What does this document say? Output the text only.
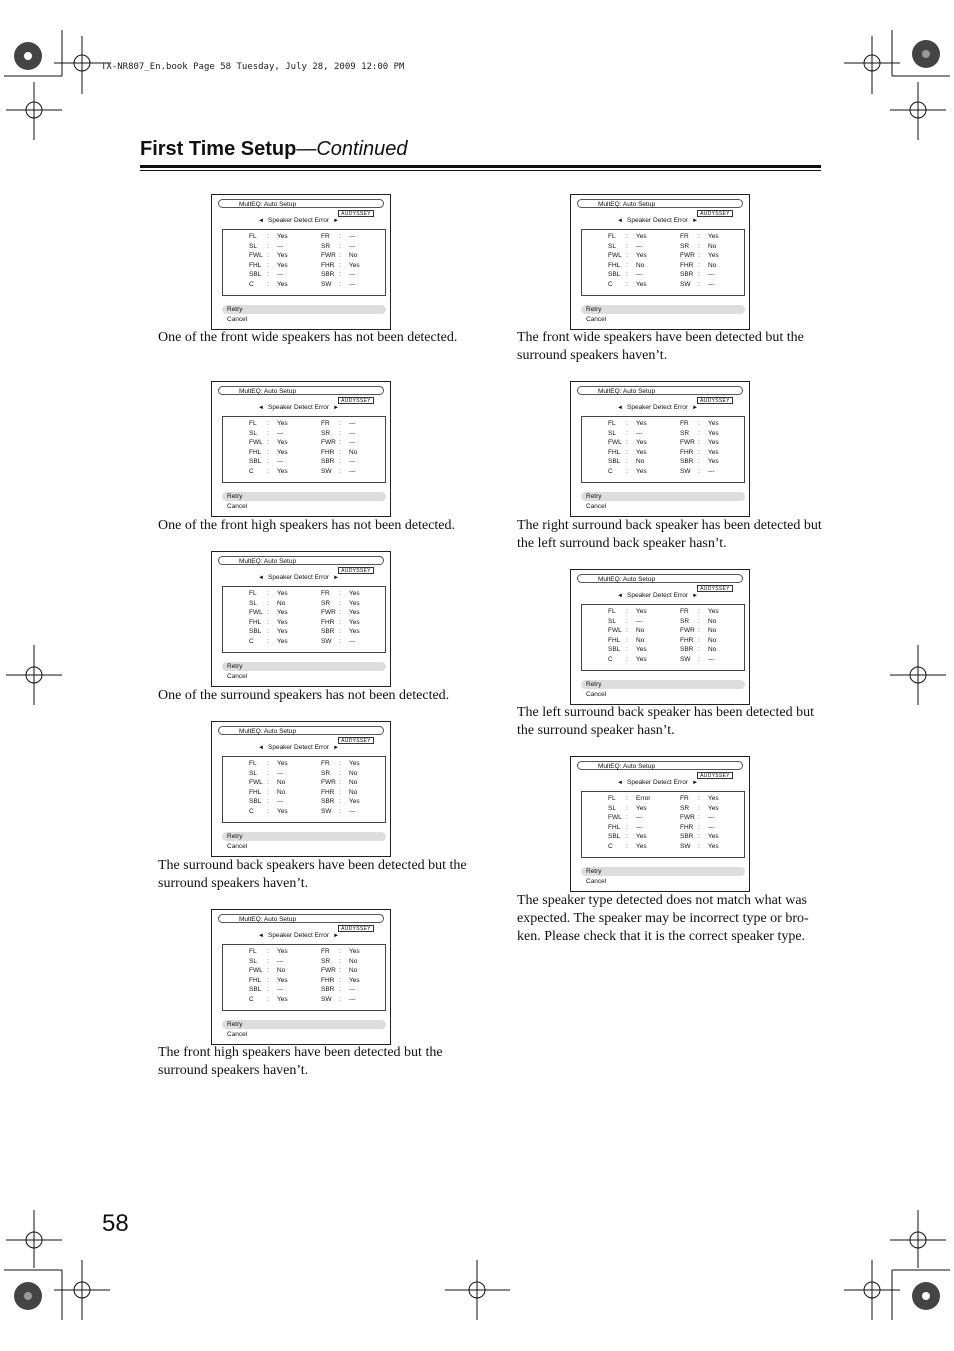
TX-NR807_En.book Page 58 Tuesday, July 28, 2009 12:00 PM
First Time Setup—Continued
MultEQ: Auto Setup
AUDYSSEY
◄ Speaker Detect Error ►
FL : Yes	FR : ---
SL : ---	SR : ---
FWL : Yes	FWR : No
FHL : Yes	FHR : Yes
SBL : ---	SBR : ---
C : Yes	SW : ---
Retry
Cancel
One of the front wide speakers has not been detected.
MultEQ: Auto Setup
AUDYSSEY
◄ Speaker Detect Error ►
FL : Yes	FR : ---
SL : ---	SR : ---
FWL : Yes	FWR : ---
FHL : Yes	FHR : No
SBL : ---	SBR : ---
C : Yes	SW : ---
Retry
Cancel
One of the front high speakers has not been detected.
MultEQ: Auto Setup
AUDYSSEY
◄ Speaker Detect Error ►
FL : Yes	FR : Yes
SL : No	SR : Yes
FWL : Yes	FWR : Yes
FHL : Yes	FHR : Yes
SBL : Yes	SBR : Yes
C : Yes	SW : ---
Retry
Cancel
One of the surround speakers has not been detected.
MultEQ: Auto Setup
AUDYSSEY
◄ Speaker Detect Error ►
FL : Yes	FR : Yes
SL : ---	SR : No
FWL : No	FWR : No
FHL : No	FHR : No
SBL : ---	SBR : Yes
C : Yes	SW : ---
Retry
Cancel
The surround back speakers have been detected but the surround speakers haven’t.
MultEQ: Auto Setup
AUDYSSEY
◄ Speaker Detect Error ►
FL : Yes	FR : Yes
SL : ---	SR : No
FWL : No	FWR : No
FHL : Yes	FHR : Yes
SBL : ---	SBR : ---
C : Yes	SW : ---
Retry
Cancel
The front high speakers have been detected but the surround speakers haven’t.
MultEQ: Auto Setup
AUDYSSEY
◄ Speaker Detect Error ►
FL : Yes	FR : Yes
SL : ---	SR : No
FWL : Yes	FWR : Yes
FHL : No	FHR : No
SBL : ---	SBR : ---
C : Yes	SW : ---
Retry
Cancel
The front wide speakers have been detected but the surround speakers haven’t.
MultEQ: Auto Setup
AUDYSSEY
◄ Speaker Detect Error ►
FL : Yes	FR : Yes
SL : ---	SR : Yes
FWL : Yes	FWR : Yes
FHL : Yes	FHR : Yes
SBL : No	SBR : Yes
C : Yes	SW : ---
Retry
Cancel
The right surround back speaker has been detected but the left surround back speaker hasn’t.
MultEQ: Auto Setup
AUDYSSEY
◄ Speaker Detect Error ►
FL : Yes	FR : Yes
SL : ---	SR : No
FWL : No	FWR : No
FHL : No	FHR : No
SBL : Yes	SBR : No
C : Yes	SW : ---
Retry
Cancel
The left surround back speaker has been detected but the surround speaker hasn’t.
MultEQ: Auto Setup
AUDYSSEY
◄ Speaker Detect Error ►
FL : Error	FR : Yes
SL : Yes	SR : Yes
FWL : ---	FWR : ---
FHL : ---	FHR : ---
SBL : Yes	SBR : Yes
C : Yes	SW : Yes
Retry
Cancel
The speaker type detected does not match what was expected. The speaker may be incorrect type or bro-ken. Please check that it is the correct speaker type.
58
